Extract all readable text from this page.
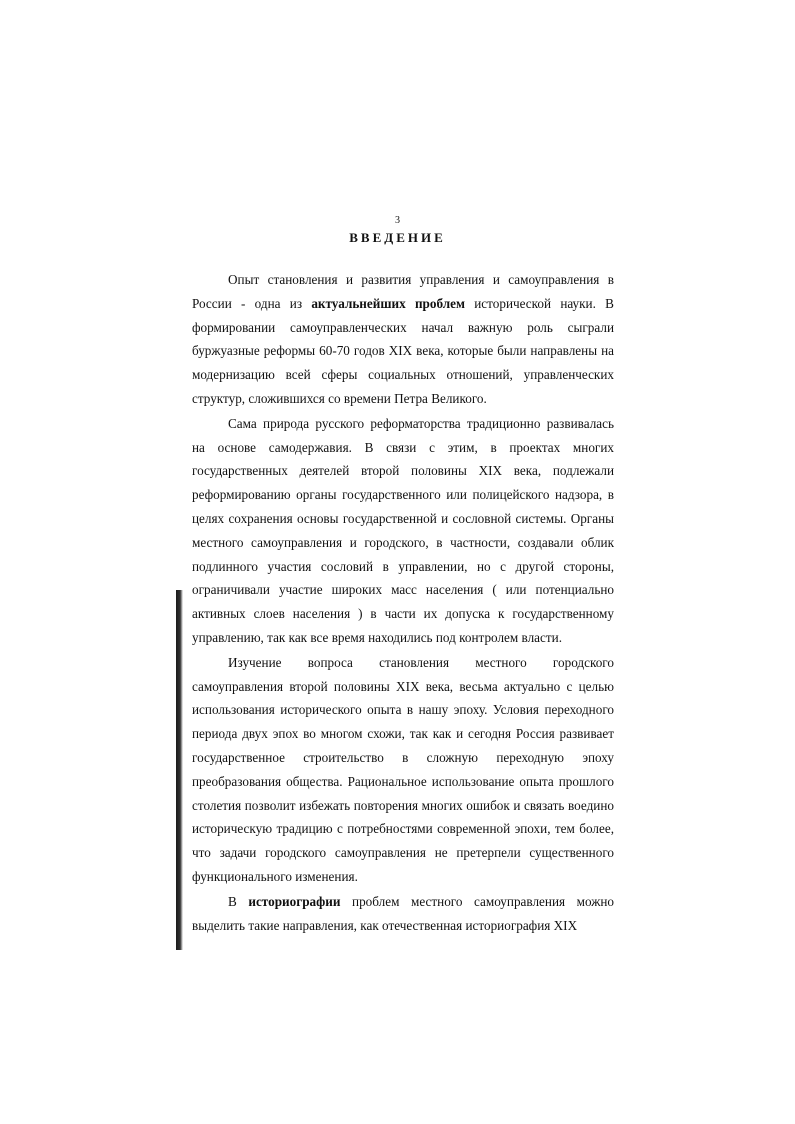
3
ВВЕДЕНИЕ

Опыт становления и развития управления и самоуправления в России - одна из актуальнейших проблем исторической науки. В формировании самоуправленческих начал важную роль сыграли буржуазные реформы 60-70 годов XIX века, которые были направлены на модернизацию всей сферы социальных отношений, управленческих структур, сложившихся со времени Петра Великого.

Сама природа русского реформаторства традиционно развивалась на основе самодержавия. В связи с этим, в проектах многих государственных деятелей второй половины XIX века, подлежали реформированию органы государственного или полицейского надзора, в целях сохранения основы государственной и сословной системы. Органы местного самоуправления и городского, в частности, создавали облик подлинного участия сословий в управлении, но с другой стороны, ограничивали участие широких масс населения ( или потенциально активных слоев населения ) в части их допуска к государственному управлению, так как все время находились под контролем власти.

Изучение вопроса становления местного городского самоуправления второй половины XIX века, весьма актуально с целью использования исторического опыта в нашу эпоху. Условия переходного периода двух эпох во многом схожи, так как и сегодня Россия развивает государственное строительство в сложную переходную эпоху преобразования общества. Рациональное использование опыта прошлого столетия позволит избежать повторения многих ошибок и связать воедино историческую традицию с потребностями современной эпохи, тем более, что задачи городского самоуправления не претерпели существенного функционального изменения.

В историографии проблем местного самоуправления можно выделить такие направления, как отечественная историография XIX
